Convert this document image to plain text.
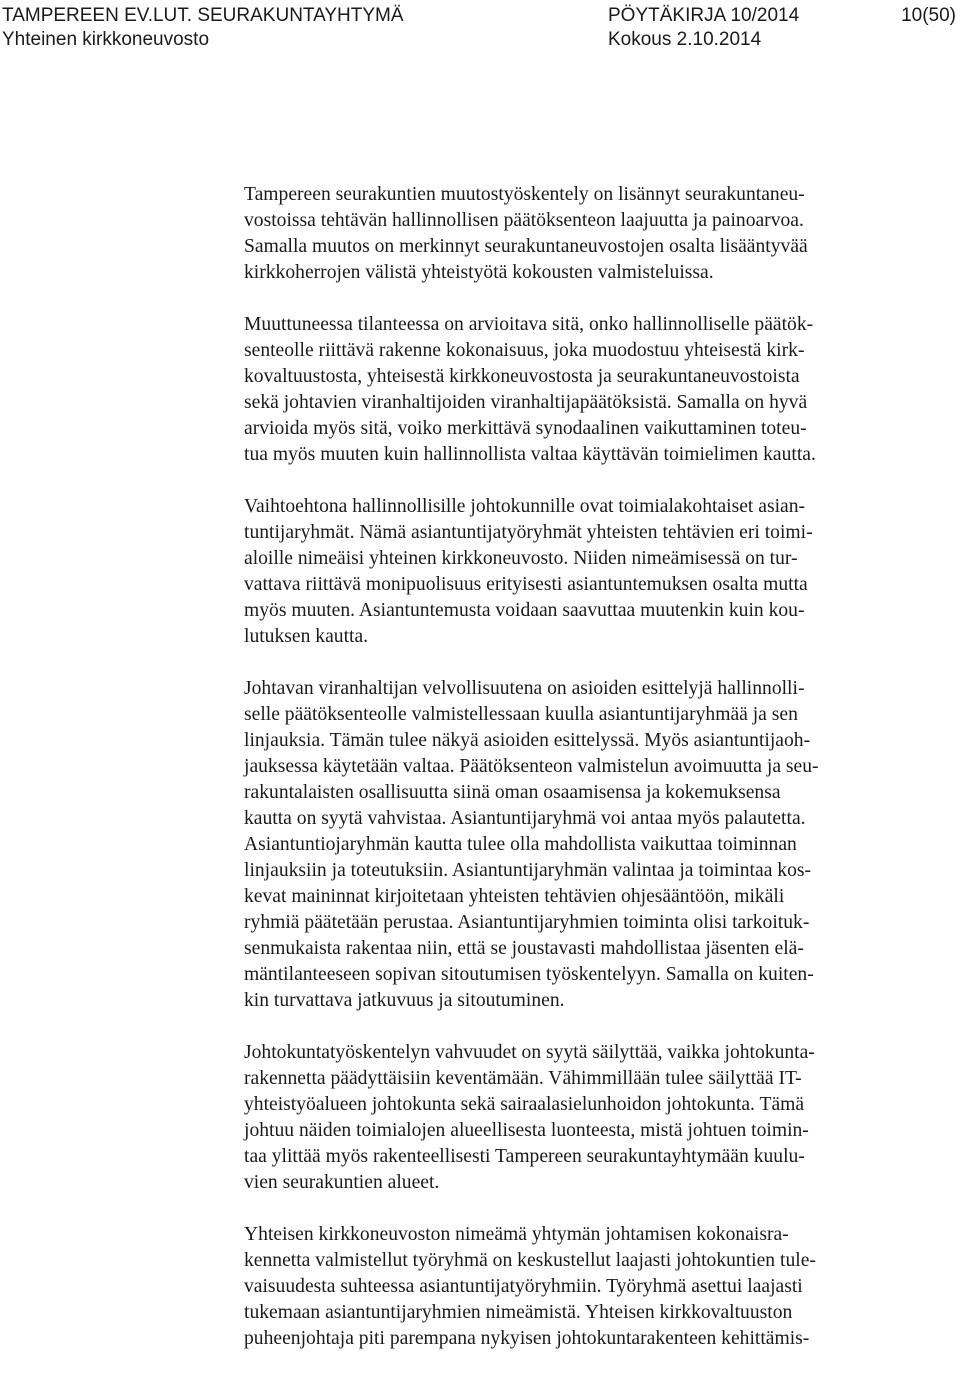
TAMPEREEN EV.LUT. SEURAKUNTAYHTYMÄ	PÖYTÄKIRJA 10/2014	10(50)
Yhteinen kirkkoneuvosto	Kokous 2.10.2014
Tampereen seurakuntien muutostyöskentely on lisännyt seurakuntaneu-
vostoissa tehtävän hallinnollisen päätöksenteon laajuutta ja painoarvoa.
Samalla muutos on merkinnyt seurakuntaneuvostojen osalta lisääntyvää
kirkkoherrojen välistä yhteistyötä kokousten valmisteluissa.
Muuttuneessa tilanteessa on arvioitava sitä, onko hallinnolliselle päätök-
senteolle riittävä rakenne kokonaisuus, joka muodostuu yhteisestä kirk-
kovaltuustosta, yhteisestä kirkkoneuvostosta ja seurakuntaneuvostoista
sekä johtavien viranhaltijoiden viranhaltijapäätöksistä. Samalla on hyvä
arvioida myös sitä, voiko merkittävä synodaalinen vaikuttaminen toteu-
tua myös muuten kuin hallinnollista valtaa käyttävän toimielimen kautta.
Vaihtoehtona hallinnollisille johtokunnille ovat toimialakohtaiset asian-
tuntijaryhmät. Nämä asiantuntijatyöryhmät yhteisten tehtävien eri toimi-
aloille nimeäisi yhteinen kirkkoneuvosto. Niiden nimeämisessä on tur-
vattava riittävä monipuolisuus erityisesti asiantuntemuksen osalta mutta
myös muuten. Asiantuntemusta voidaan saavuttaa muutenkin kuin kou-
lutuksen kautta.
Johtavan viranhaltijan velvollisuutena on asioiden esittelyjä hallinnolli-
selle päätöksenteolle valmistellessaan kuulla asiantuntijaryhmää ja sen
linjauksia. Tämän tulee näkyä asioiden esittelyssä. Myös asiantuntijaoh-
jauksessa käytetään valtaa. Päätöksenteon valmistelun avoimuutta ja seu-
rakuntalaisten osallisuutta siinä oman osaamisensa ja kokemuksensa
kautta on syytä vahvistaa. Asiantuntijaryhmä voi antaa myös palautetta.
Asiantuntiojaryhmän kautta tulee olla mahdollista vaikuttaa toiminnan
linjauksiin ja toteutuksiin. Asiantuntijaryhmän valintaa ja toimintaa kos-
kevat maininnat kirjoitetaan yhteisten tehtävien ohjesääntöön, mikäli
ryhmiä päätetään perustaa. Asiantuntijaryhmien toiminta olisi tarkoituk-
senmukaista rakentaa niin, että se joustavasti mahdollistaa jäsenten elä-
mäntilanteeseen sopivan sitoutumisen työskentelyyn. Samalla on kuiten-
kin turvattava jatkuvuus ja sitoutuminen.
Johtokuntatyöskentelyn vahvuudet on syytä säilyttää, vaikka johtokunta-
rakennetta päädyttäisiin keventämään. Vähimmillään tulee säilyttää IT-
yhteistyöalueen johtokunta sekä sairaalasielunhoidon johtokunta. Tämä
johtuu näiden toimialojen alueellisesta luonteesta, mistä johtuen toimin-
taa ylittää myös rakenteellisesti Tampereen seurakuntayhtymään kuulu-
vien seurakuntien alueet.
Yhteisen kirkkoneuvoston nimeämä yhtymän johtamisen kokonaisra-
kennetta valmistellut työryhmä on keskustellut laajasti johtokuntien tule-
vaisuudesta suhteessa asiantuntijatyöryhmiin. Työryhmä asettui laajasti
tukemaan asiantuntijaryhmien nimeämistä. Yhteisen kirkkovaltuuston
puheenjohtaja piti parempana nykyisen johtokuntarakenteen kehittämis-
